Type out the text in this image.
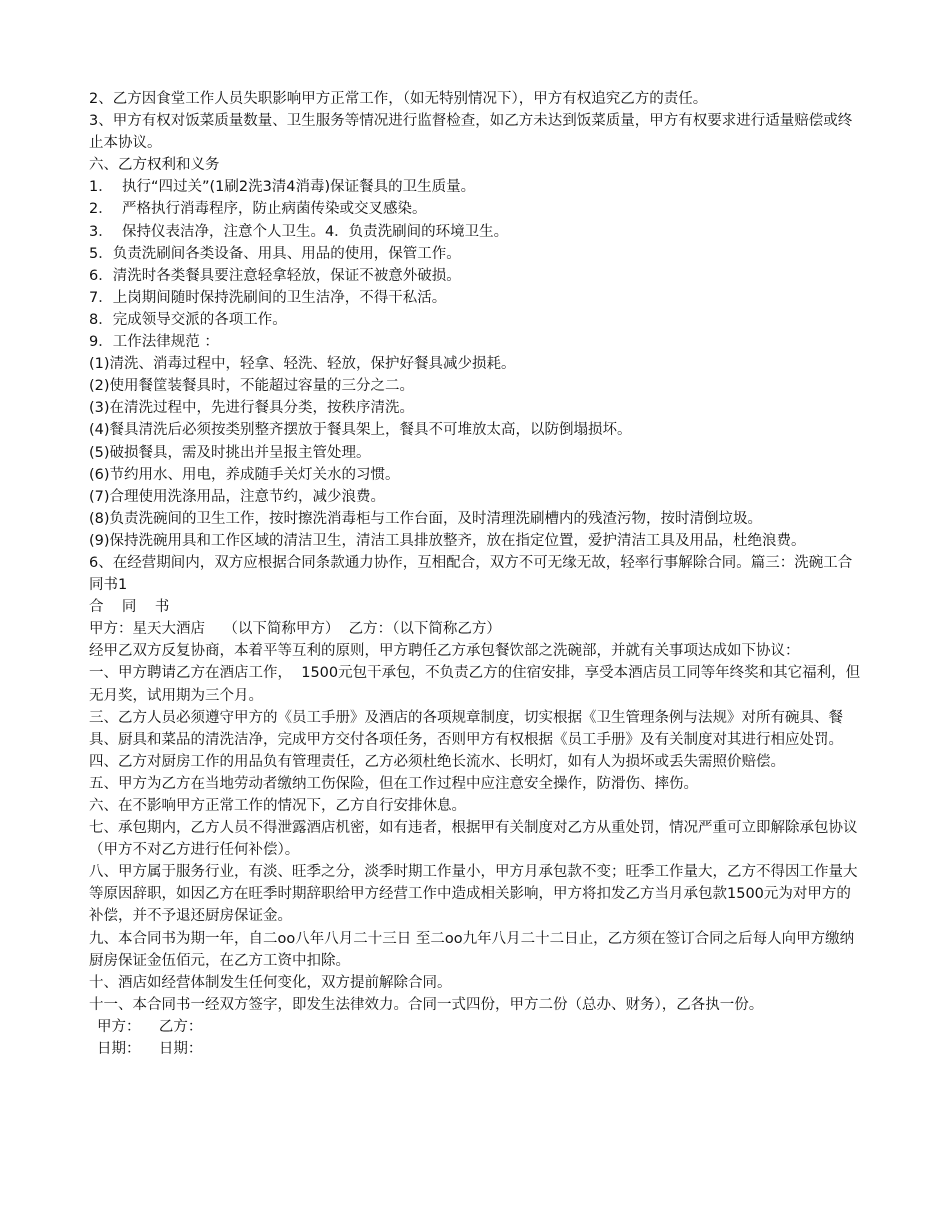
2、乙方因食堂工作人员失职影响甲方正常工作，（如无特别情况下），甲方有权追究乙方的责任。

3、甲方有权对饭菜质量数量、卫生服务等情况进行监督检查，如乙方未达到饭菜质量，甲方有权要求进行适量赔偿或终止本协议。

六、乙方权利和义务

1．  执行“四过关”(1刷2洗3清4消毒)保证餐具的卫生质量。

2．  严格执行消毒程序，防止病菌传染或交叉感染。

3．  保持仪表洁净，注意个人卫生。4．负责洗刷间的环境卫生。

5．负责洗刷间各类设备、用具、用品的使用，保管工作。

6．清洗时各类餐具要注意轻拿轻放，保证不被意外破损。

7．上岗期间随时保持洗刷间的卫生洁净，不得干私活。

8．完成领导交派的各项工作。

9．工作法律规范 ：

(1)清洗、消毒过程中，轻拿、轻洗、轻放，保护好餐具减少损耗。

(2)使用餐筐装餐具时，不能超过容量的三分之二。

(3)在清洗过程中，先进行餐具分类，按秩序清洗。

(4)餐具清洗后必须按类别整齐摆放于餐具架上，餐具不可堆放太高，以防倒塌损坏。

(5)破损餐具，需及时挑出并呈报主管处理。

(6)节约用水、用电，养成随手关灯关水的习惯。

(7)合理使用洗涤用品，注意节约，减少浪费。

(8)负责洗碗间的卫生工作，按时擦洗消毒柜与工作台面，及时清理洗刷槽内的残渣污物，按时清倒垃圾。

(9)保持洗碗用具和工作区域的清洁卫生，清洁工具排放整齐，放在指定位置，爱护清洁工具及用品，杜绝浪费。

6、在经营期间内，双方应根据合同条款通力协作，互相配合，双方不可无缘无故，轻率行事解除合同。篇三：洗碗工合同书1

合    同    书

甲方：星天大酒店    （以下简称甲方）  乙方：（以下简称乙方）

经甲乙双方反复协商，本着平等互利的原则，甲方聘任乙方承包餐饮部之洗碗部，并就有关事项达成如下协议：

一、甲方聘请乙方在酒店工作，  1500元包干承包，不负责乙方的住宿安排，享受本酒店员工同等年终奖和其它福利，但无月奖，试用期为三个月。

三、乙方人员必须遵守甲方的《员工手册》及酒店的各项规章制度，切实根据《卫生管理条例与法规》对所有碗具、餐具、厨具和菜品的清洗洁净，完成甲方交付各项任务，否则甲方有权根据《员工手册》及有关制度对其进行相应处罚。

四、乙方对厨房工作的用品负有管理责任，乙方必须杜绝长流水、长明灯，如有人为损坏或丢失需照价赔偿。

五、甲方为乙方在当地劳动者缴纳工伤保险，但在工作过程中应注意安全操作，防滑伤、摔伤。

六、在不影响甲方正常工作的情况下，乙方自行安排休息。

七、承包期内，乙方人员不得泄露酒店机密，如有违者，根据甲有关制度对乙方从重处罚，情况严重可立即解除承包协议（甲方不对乙方进行任何补偿）。

八、甲方属于服务行业，有淡、旺季之分，淡季时期工作量小，甲方月承包款不变；旺季工作量大，乙方不得因工作量大等原因辞职，如因乙方在旺季时期辞职给甲方经营工作中造成相关影响，甲方将扣发乙方当月承包款1500元为对甲方的补偿，并不予退还厨房保证金。

九、本合同书为期一年，自二oo八年八月二十三日 至二oo九年八月二十二日止，乙方须在签订合同之后每人向甲方缴纳厨房保证金伍佰元，在乙方工资中扣除。

十、酒店如经营体制发生任何变化，双方提前解除合同。

十一、本合同书一经双方签字，即发生法律效力。合同一式四份，甲方二份（总办、财务），乙各执一份。

甲方：    乙方：

日期：    日期：
